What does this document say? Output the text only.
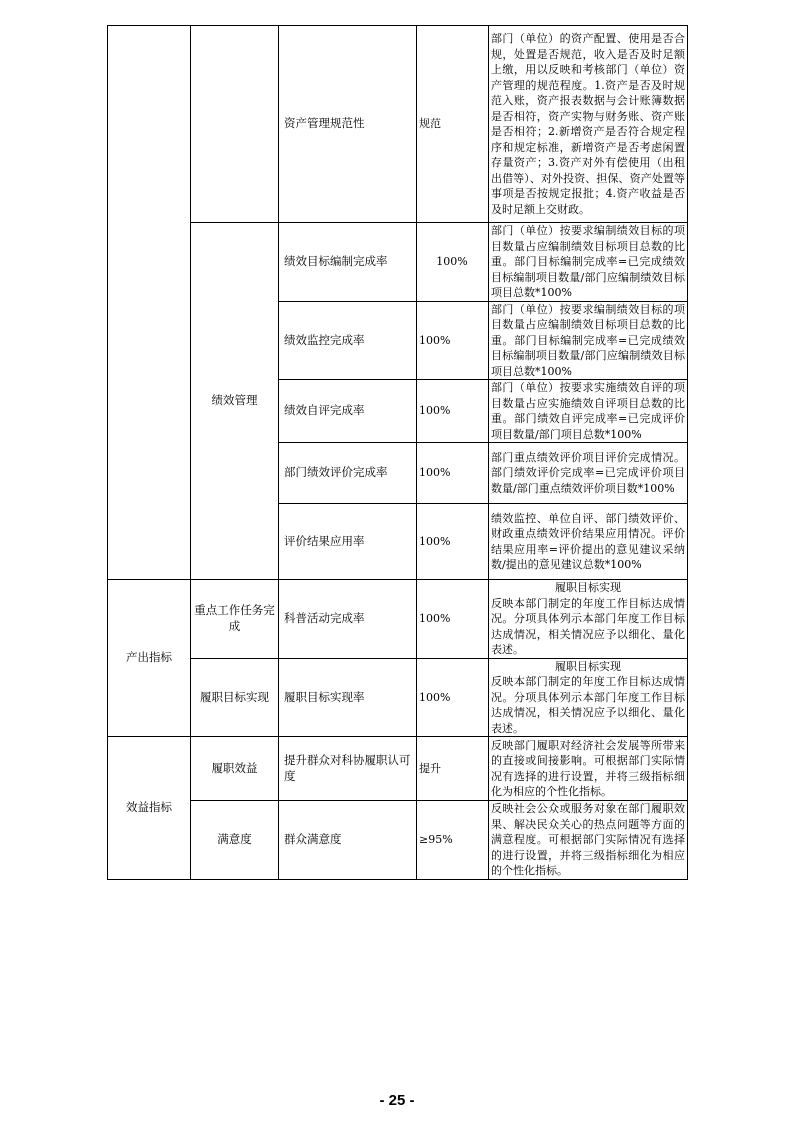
		资产管理规范性	规范	部门（单位）的资产配置、使用是否合规，处置是否规范，收入是否及时足额上缴，用以反映和考核部门（单位）资产管理的规范程度。1.资产是否及时规范入账，资产报表数据与会计账簿数据是否相符，资产实物与财务账、资产账是否相符；2.新增资产是否符合规定程序和规定标准，新增资产是否考虑闲置存量资产；3.资产对外有偿使用（出租出借等）、对外投资、担保、资产处置等事项是否按规定报批；4.资产收益是否及时足额上交财政。
	绩效管理	绩效目标编制完成率	100%	部门（单位）按要求编制绩效目标的项目数量占应编制绩效目标项目总数的比重。部门目标编制完成率=已完成绩效目标编制项目数量/部门应编制绩效目标项目总数*100%
		绩效监控完成率	100%	部门（单位）按要求编制绩效目标的项目数量占应编制绩效目标项目总数的比重。部门目标编制完成率=已完成绩效目标编制项目数量/部门应编制绩效目标项目总数*100%
		绩效自评完成率	100%	部门（单位）按要求实施绩效自评的项目数量占应实施绩效自评项目总数的比重。部门绩效自评完成率=已完成评价项目数量/部门项目总数*100%
		部门绩效评价完成率	100%	部门重点绩效评价项目评价完成情况。部门绩效评价完成率=已完成评价项目数量/部门重点绩效评价项目数*100%
		评价结果应用率	100%	绩效监控、单位自评、部门绩效评价、财政重点绩效评价结果应用情况。评价结果应用率=评价提出的意见建议采纳数/提出的意见建议总数*100%

产出指标	重点工作任务完成	科普活动完成率	100%	履职目标实现
反映本部门制定的年度工作目标达成情况。分项具体列示本部门年度工作目标达成情况，相关情况应予以细化、量化表述。
	履职目标实现	履职目标实现率	100%	履职目标实现
反映本部门制定的年度工作目标达成情况。分项具体列示本部门年度工作目标达成情况，相关情况应予以细化、量化表述。
效益指标	履职效益	提升群众对科协履职认可度	提升	反映部门履职对经济社会发展等所带来的直接或间接影响。可根据部门实际情况有选择的进行设置，并将三级指标细化为相应的个性化指标。
	满意度	群众满意度	≥95%	反映社会公众或服务对象在部门履职效果、解决民众关心的热点问题等方面的满意程度。可根据部门实际情况有选择的进行设置，并将三级指标细化为相应的个性化指标。
- 25 -
